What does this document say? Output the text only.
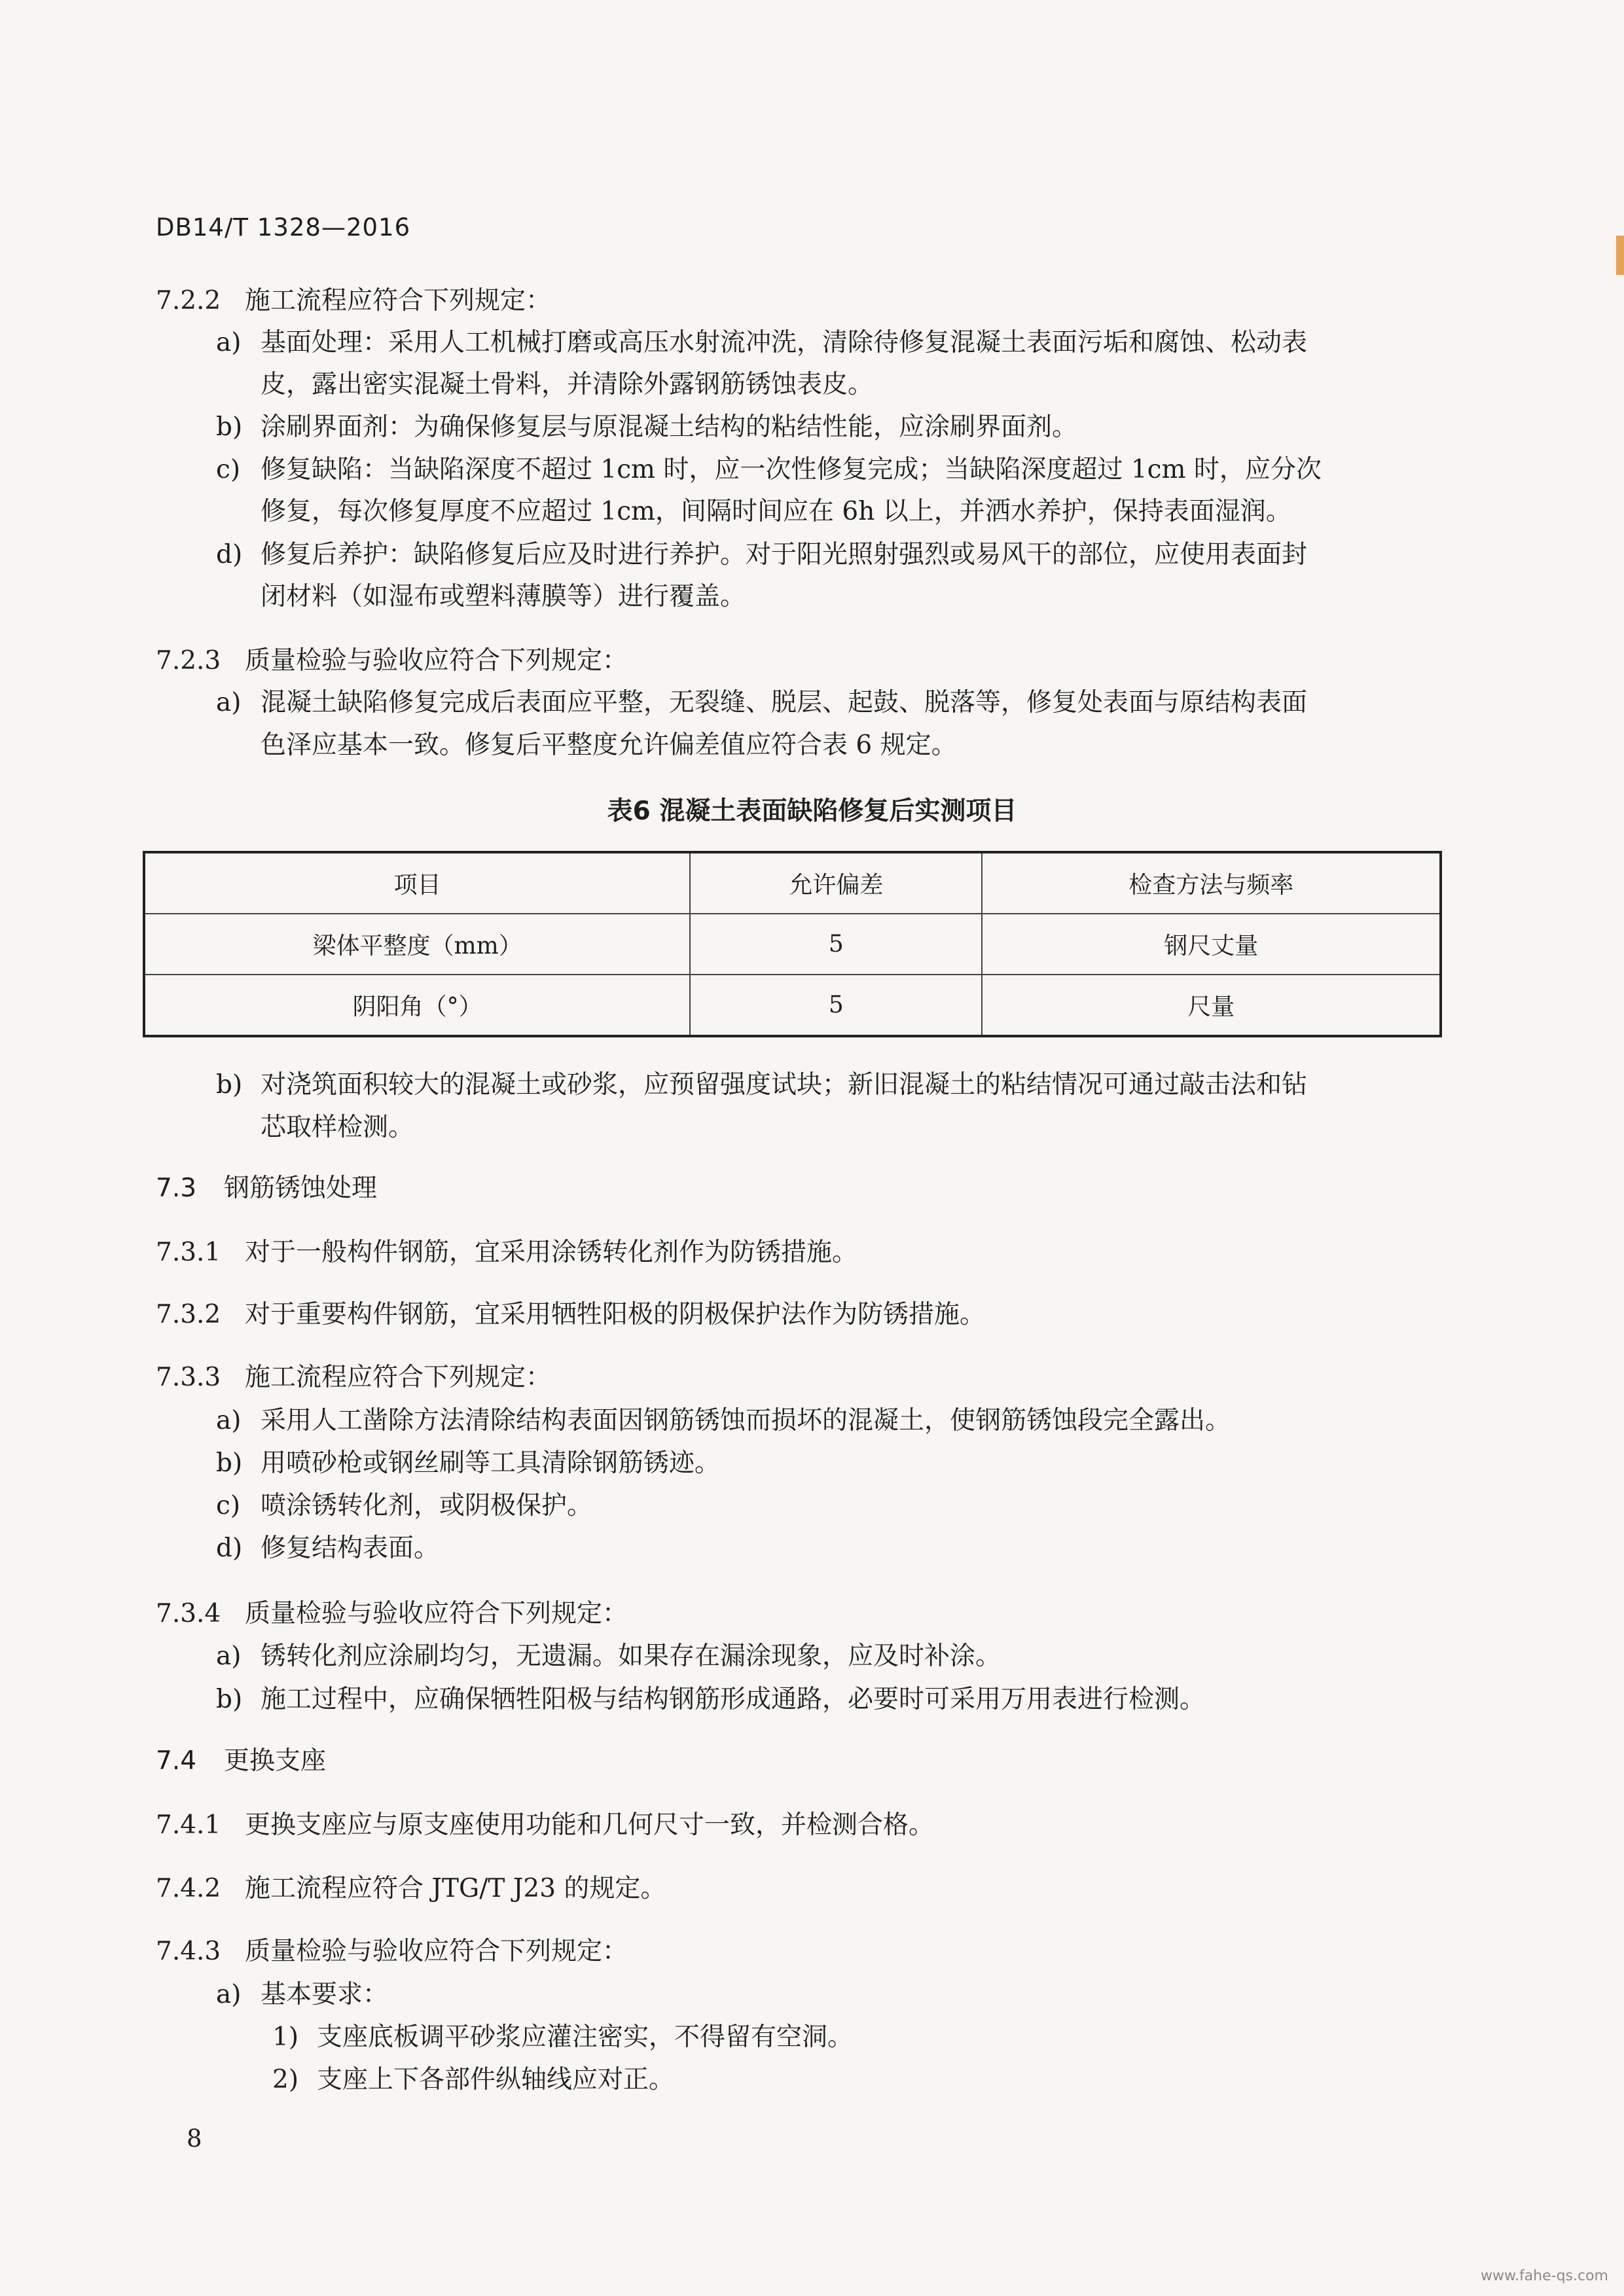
DB14/T 1328—2016
7.2.2 施工流程应符合下列规定：
a) 基面处理：采用人工机械打磨或高压水射流冲洗，清除待修复混凝土表面污垢和腐蚀、松动表
皮，露出密实混凝土骨料，并清除外露钢筋锈蚀表皮。
b) 涂刷界面剂：为确保修复层与原混凝土结构的粘结性能，应涂刷界面剂。
c) 修复缺陷：当缺陷深度不超过 1cm 时，应一次性修复完成；当缺陷深度超过 1cm 时，应分次
修复，每次修复厚度不应超过 1cm，间隔时间应在 6h 以上，并洒水养护，保持表面湿润。
d) 修复后养护：缺陷修复后应及时进行养护。对于阳光照射强烈或易风干的部位，应使用表面封
闭材料（如湿布或塑料薄膜等）进行覆盖。
7.2.3 质量检验与验收应符合下列规定：
a) 混凝土缺陷修复完成后表面应平整，无裂缝、脱层、起鼓、脱落等，修复处表面与原结构表面
色泽应基本一致。修复后平整度允许偏差值应符合表 6 规定。
b) 对浇筑面积较大的混凝土或砂浆，应预留强度试块；新旧混凝土的粘结情况可通过敲击法和钻
芯取样检测。
7.3 钢筋锈蚀处理
7.3.1 对于一般构件钢筋，宜采用涂锈转化剂作为防锈措施。
7.3.2 对于重要构件钢筋，宜采用牺牲阳极的阴极保护法作为防锈措施。
7.3.3 施工流程应符合下列规定：
a) 采用人工凿除方法清除结构表面因钢筋锈蚀而损坏的混凝土，使钢筋锈蚀段完全露出。
b) 用喷砂枪或钢丝刷等工具清除钢筋锈迹。
c) 喷涂锈转化剂，或阴极保护。
d) 修复结构表面。
7.3.4 质量检验与验收应符合下列规定：
a) 锈转化剂应涂刷均匀，无遗漏。如果存在漏涂现象，应及时补涂。
b) 施工过程中，应确保牺牲阳极与结构钢筋形成通路，必要时可采用万用表进行检测。
7.4 更换支座
7.4.1 更换支座应与原支座使用功能和几何尺寸一致，并检测合格。
7.4.2 施工流程应符合 JTG/T J23 的规定。
7.4.3 质量检验与验收应符合下列规定：
a) 基本要求：
1) 支座底板调平砂浆应灌注密实，不得留有空洞。
2) 支座上下各部件纵轴线应对正。
表6 混凝土表面缺陷修复后实测项目
项目	允许偏差	检查方法与频率
梁体平整度（mm）	5	钢尺丈量
阴阳角（°）	5	尺量
8
www.fahe-qs.com
